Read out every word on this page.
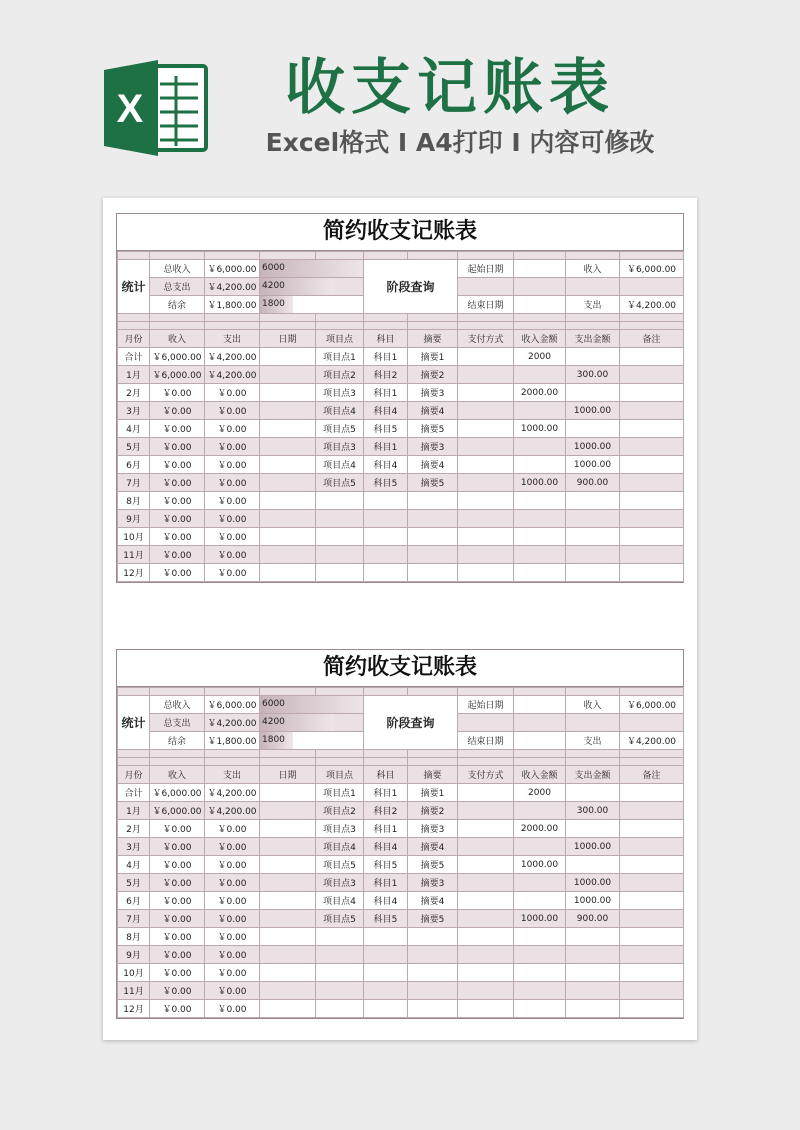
X	收支记账表
Excel格式 I A4打印 I 内容可修改
简约收支记账表

统计	总收入	￥6,000.00	6000		阶段查询		起始日期		收入	￥6,000.00
	总支出	￥4,200.00	4200							

	结余	￥1,800.00	1800				结束日期		支出	￥4,200.00

月份	收入	支出	日期	项目点	科目	摘要	支付方式	收入金额	支出金额	备注
合计	￥6,000.00	￥4,200.00		项目点1	科目1	摘要1		2000		
1月	￥6,000.00	￥4,200.00		项目点2	科目2	摘要2			300.00	
2月	￥0.00	￥0.00		项目点3	科目1	摘要3		2000.00		
3月	￥0.00	￥0.00		项目点4	科目4	摘要4			1000.00	
4月	￥0.00	￥0.00		项目点5	科目5	摘要5		1000.00		
5月	￥0.00	￥0.00		项目点3	科目1	摘要3			1000.00	
6月	￥0.00	￥0.00		项目点4	科目4	摘要4			1000.00	
7月	￥0.00	￥0.00		项目点5	科目5	摘要5		1000.00	900.00	
8月	￥0.00	￥0.00								
9月	￥0.00	￥0.00								
10月	￥0.00	￥0.00								
11月	￥0.00	￥0.00								
12月	￥0.00	￥0.00								
简约收支记账表

统计	总收入	￥6,000.00	6000		阶段查询		起始日期		收入	￥6,000.00
	总支出	￥4,200.00	4200							

	结余	￥1,800.00	1800				结束日期		支出	￥4,200.00

月份	收入	支出	日期	项目点	科目	摘要	支付方式	收入金额	支出金额	备注
合计	￥6,000.00	￥4,200.00		项目点1	科目1	摘要1		2000		
1月	￥6,000.00	￥4,200.00		项目点2	科目2	摘要2			300.00	
2月	￥0.00	￥0.00		项目点3	科目1	摘要3		2000.00		
3月	￥0.00	￥0.00		项目点4	科目4	摘要4			1000.00	
4月	￥0.00	￥0.00		项目点5	科目5	摘要5		1000.00		
5月	￥0.00	￥0.00		项目点3	科目1	摘要3			1000.00	
6月	￥0.00	￥0.00		项目点4	科目4	摘要4			1000.00	
7月	￥0.00	￥0.00		项目点5	科目5	摘要5		1000.00	900.00	
8月	￥0.00	￥0.00								
9月	￥0.00	￥0.00								
10月	￥0.00	￥0.00								
11月	￥0.00	￥0.00								
12月	￥0.00	￥0.00								
